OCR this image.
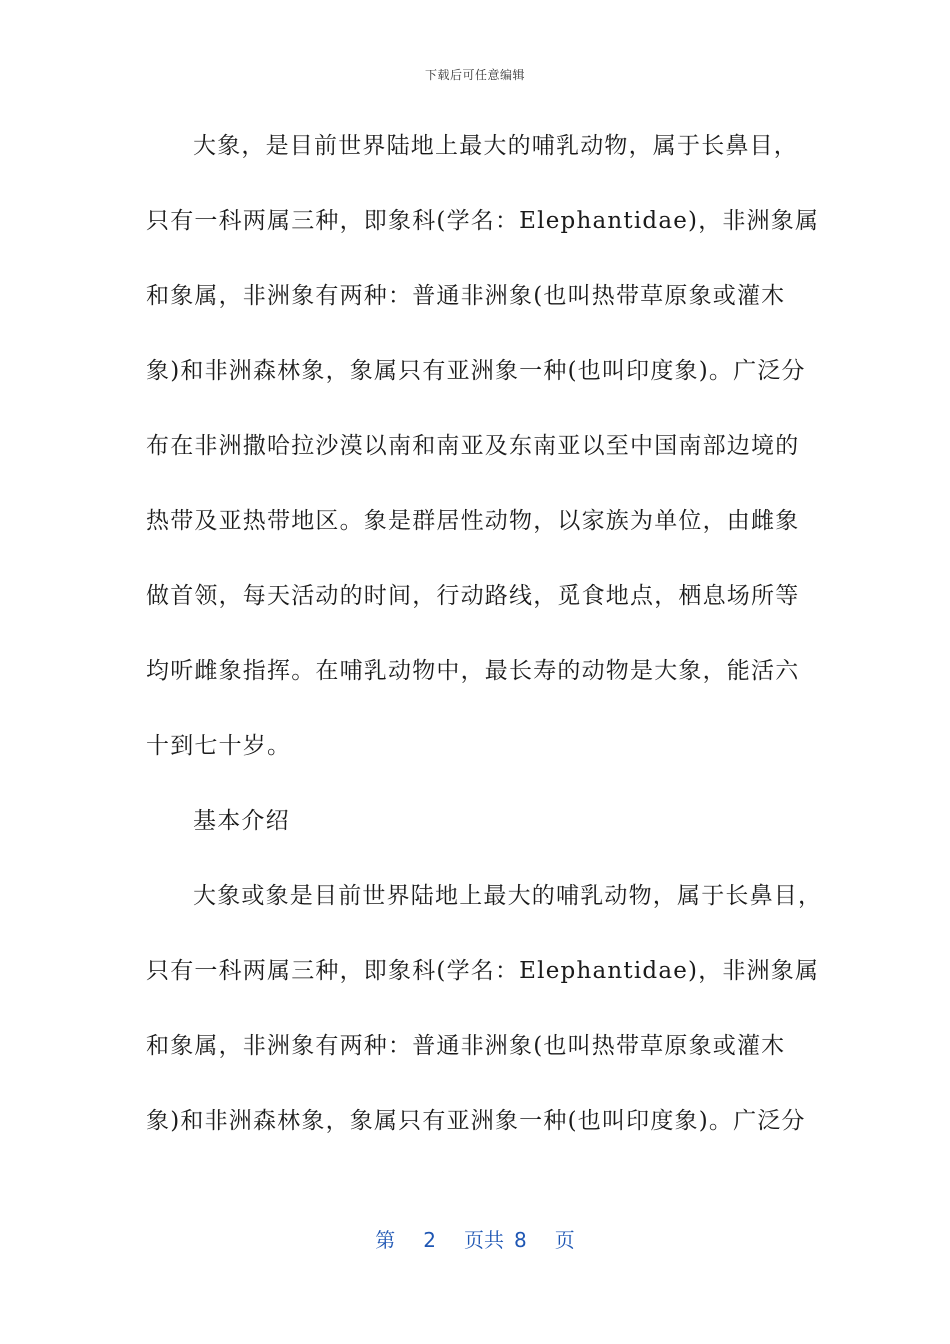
下载后可任意编辑
大象，是目前世界陆地上最大的哺乳动物，属于长鼻目，
只有一科两属三种，即象科(学名：Elephantidae)，非洲象属
和象属，非洲象有两种：普通非洲象(也叫热带草原象或灌木
象)和非洲森林象，象属只有亚洲象一种(也叫印度象)。广泛分
布在非洲撒哈拉沙漠以南和南亚及东南亚以至中国南部边境的
热带及亚热带地区。象是群居性动物，以家族为单位，由雌象
做首领，每天活动的时间，行动路线，觅食地点，栖息场所等
均听雌象指挥。在哺乳动物中，最长寿的动物是大象，能活六
十到七十岁。
基本介绍
大象或象是目前世界陆地上最大的哺乳动物，属于长鼻目，
只有一科两属三种，即象科(学名：Elephantidae)，非洲象属
和象属，非洲象有两种：普通非洲象(也叫热带草原象或灌木
象)和非洲森林象，象属只有亚洲象一种(也叫印度象)。广泛分
第 2 页共 8 页
